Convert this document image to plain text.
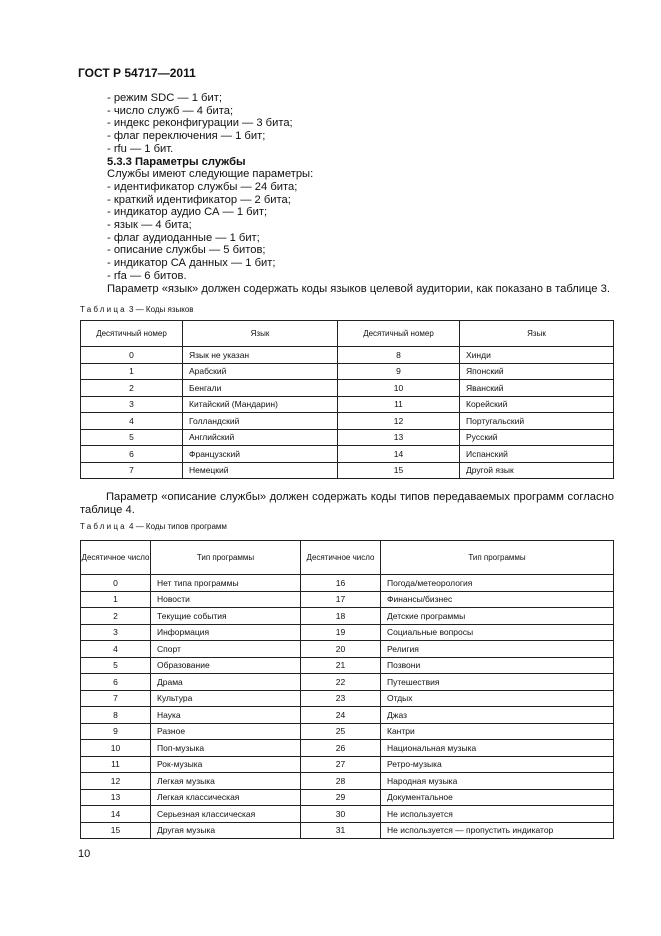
ГОСТ Р 54717—2011
- режим SDC — 1 бит;
- число служб — 4 бита;
- индекс реконфигурации — 3 бита;
- флаг переключения — 1 бит;
- rfu — 1 бит.
5.3.3 Параметры службы
Службы имеют следующие параметры:
- идентификатор службы — 24 бита;
- краткий идентификатор — 2 бита;
- индикатор аудио СА — 1 бит;
- язык — 4 бита;
- флаг аудиоданные — 1 бит;
- описание службы — 5 битов;
- индикатор СА данных — 1 бит;
- rfa — 6 битов.
Параметр «язык» должен содержать коды языков целевой аудитории, как показано в таблице 3.
Таблица 3 — Коды языков
Десятичный номер	Язык	Десятичный номер	Язык
0	Язык не указан	8	Хинди
1	Арабский	9	Японский
2	Бенгали	10	Яванский
3	Китайский (Мандарин)	11	Корейский
4	Голландский	12	Португальский
5	Английский	13	Русский
6	Французский	14	Испанский
7	Немецкий	15	Другой язык
Параметр «описание службы» должен содержать коды типов передаваемых программ согласно таблице 4.
Таблица 4 — Коды типов программ
Десятичное число	Тип программы	Десятичное число	Тип программы
0	Нет типа программы	16	Погода/метеорология
1	Новости	17	Финансы/бизнес
2	Текущие события	18	Детские программы
3	Информация	19	Социальные вопросы
4	Спорт	20	Религия
5	Образование	21	Позвони
6	Драма	22	Путешествия
7	Культура	23	Отдых
8	Наука	24	Джаз
9	Разное	25	Кантри
10	Поп-музыка	26	Национальная музыка
11	Рок-музыка	27	Ретро-музыка
12	Легкая музыка	28	Народная музыка
13	Легкая классическая	29	Документальное
14	Серьезная классическая	30	Не используется
15	Другая музыка	31	Не используется — пропустить индикатор
10
